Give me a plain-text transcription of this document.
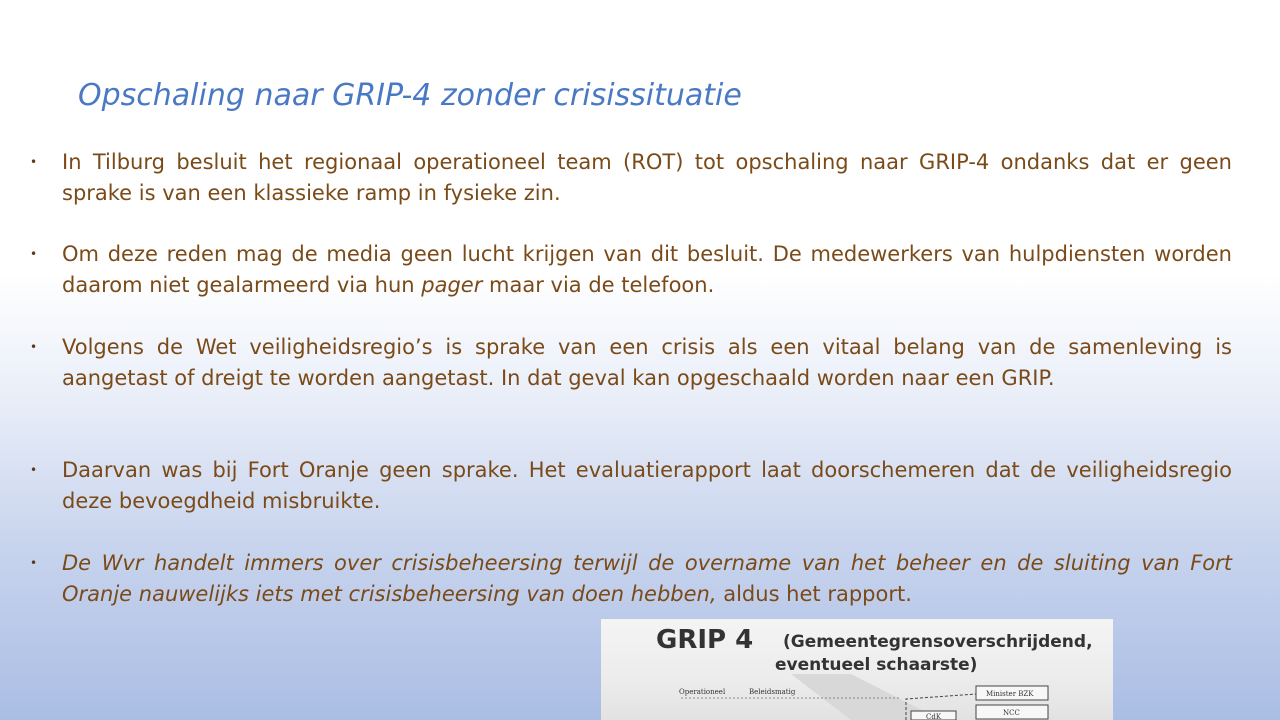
Opschaling naar GRIP-4 zonder crisissituatie
• In Tilburg besluit het regionaal operationeel team (ROT) tot opschaling naar GRIP-4 ondanks dat er geen sprake is van een klassieke ramp in fysieke zin.
• Om deze reden mag de media geen lucht krijgen van dit besluit. De medewerkers van hulpdiensten worden daarom niet gealarmeerd via hun pager maar via de telefoon.
• Volgens de Wet veiligheidsregio’s is sprake van een crisis als een vitaal belang van de samenleving is aangetast of dreigt te worden aangetast. In dat geval kan opgeschaald worden naar een GRIP.
• Daarvan was bij Fort Oranje geen sprake. Het evaluatierapport laat doorschemeren dat de veiligheidsregio deze bevoegdheid misbruikte.
• De Wvr handelt immers over crisisbeheersing terwijl de overname van het beheer en de sluiting van Fort Oranje nauwelijks iets met crisisbeheersing van doen hebben, aldus het rapport.
Operationeel	Beleidsmatig	Minister BZK
NCC
CdK
GRIP 4 (Gemeentegrensoverschrijdend,
eventueel schaarste)
